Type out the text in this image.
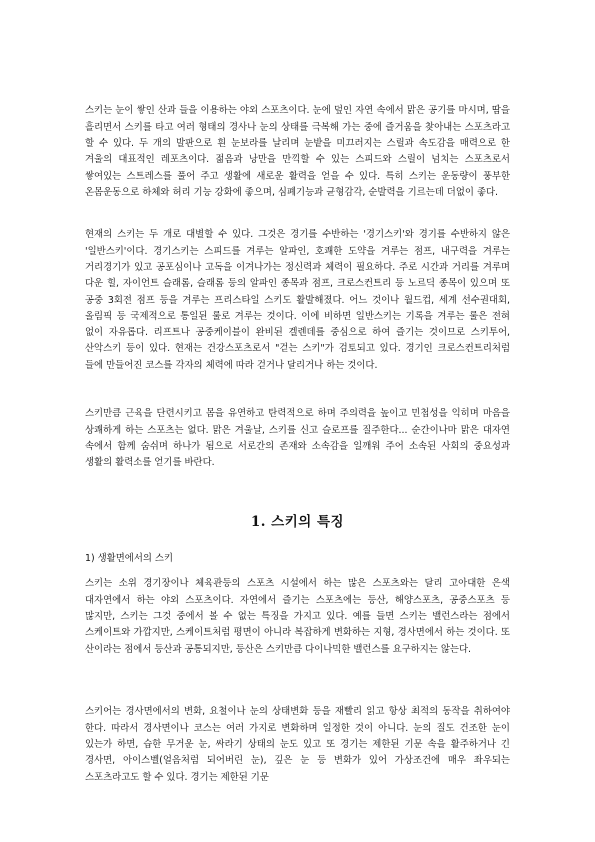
스키는 눈이 쌓인 산과 들을 이용하는 야외 스포츠이다. 눈에 덮인 자연 속에서 맑은 공기를 마시며, 땀을 흘리면서 스키를 타고 여러 형태의 경사나 눈의 상태를 극복해 가는 중에 즐거움을 찾아내는 스포츠라고 할 수 있다. 두 개의 발판으로 흰 눈보라를 날리며 눈밭을 미끄러지는 스릴과 속도감을 매력으로 한 겨울의 대표적인 레포츠이다. 젊음과 낭만을 만끽할 수 있는 스피드와 스릴이 넘치는 스포츠로서 쌓여있는 스트레스를 풀어 주고 생활에 새로운 활력을 얻을 수 있다. 특히 스키는 운동량이 풍부한 온몸운동으로 하체와 허리 기능 강화에 좋으며, 심폐기능과 균형감각, 순발력을 기르는데 더없이 좋다.

현재의 스키는 두 개로 대별할 수 있다. 그것은 경기를 수반하는 '경기스키'와 경기를 수반하지 않은 '일반스키'이다. 경기스키는 스피드를 겨루는 알파인, 호쾌한 도약을 겨루는 점프, 내구력을 겨루는 거리경기가 있고 공포심이나 고독을 이겨나가는 정신력과 체력이 필요하다. 주로 시간과 거리를 겨루며 다운 힐, 자이언트 슬래롬, 슬래롬 등의 알파인 종목과 점프, 크로스컨트리 등 노르딕 종목이 있으며 또 공중 3회전 점프 등을 겨루는 프리스타일 스키도 활발해졌다. 어느 것이나 월드컵, 세계 선수권대회, 올림픽 등 국제적으로 통일된 룰로 겨루는 것이다. 이에 비하면 일반스키는 기록을 겨루는 룰은 전혀 없이 자유롭다. 리프트나 공중케이블이 완비된 겔렌데를 중심으로 하여 즐기는 것이므로 스키투어, 산악스키 등이 있다. 현재는 건강스포츠로서 "걷는 스키"가 검토되고 있다. 경기인 크로스컨트리처럼 들에 만들어진 코스를 각자의 체력에 따라 걷거나 달리거나 하는 것이다.

스키만큼 근육을 단련시키고 몸을 유연하고 탄력적으로 하며 주의력을 높이고 민첩성을 익히며 마음을 상쾌하게 하는 스포츠는 없다. 맑은 겨울날, 스키를 신고 슬로프를 질주한다... 순간이나마 맑은 대자연 속에서 함께 숨쉬며 하나가 됨으로 서로간의 존재와 소속감을 일깨워 주어 소속된 사회의 중요성과 생활의 활력소를 얻기를 바란다.

1. 스키의 특징
1) 생활면에서의 스키

스키는 소위 경기장이나 체육관등의 스포츠 시설에서 하는 많은 스포츠와는 달리 고아대한 은색 대자연에서 하는 야외 스포츠이다. 자연에서 즐기는 스포츠에는 등산, 해양스포츠, 공중스포츠 등 많지만, 스키는 그것 중에서 볼 수 없는 특징을 가지고 있다. 예를 들면 스키는 밸런스라는 점에서 스케이트와 가깝지만, 스케이트처럼 평면이 아니라 복잡하게 변화하는 지형, 경사면에서 하는 것이다. 또 산이라는 점에서 등산과 공통되지만, 등산은 스키만큼 다이나믹한 밸런스를 요구하지는 않는다.

스키어는 경사면에서의 변화, 요철이나 눈의 상태변화 등을 재빨리 읽고 항상 최적의 동작을 취하여야 한다. 따라서 경사면이나 코스는 여러 가지로 변화하며 일정한 것이 아니다. 눈의 질도 건조한 눈이 있는가 하면, 습한 무거운 눈, 싸라기 상태의 눈도 있고 또 경기는 제한된 기문 속을 활주하거나 긴 경사면, 아이스벨(얼음처럼 되어버린 눈), 깊은 눈 등 변화가 있어 가상조건에 매우 좌우되는 스포츠라고도 할 수 있다. 경기는 제한된 기문
